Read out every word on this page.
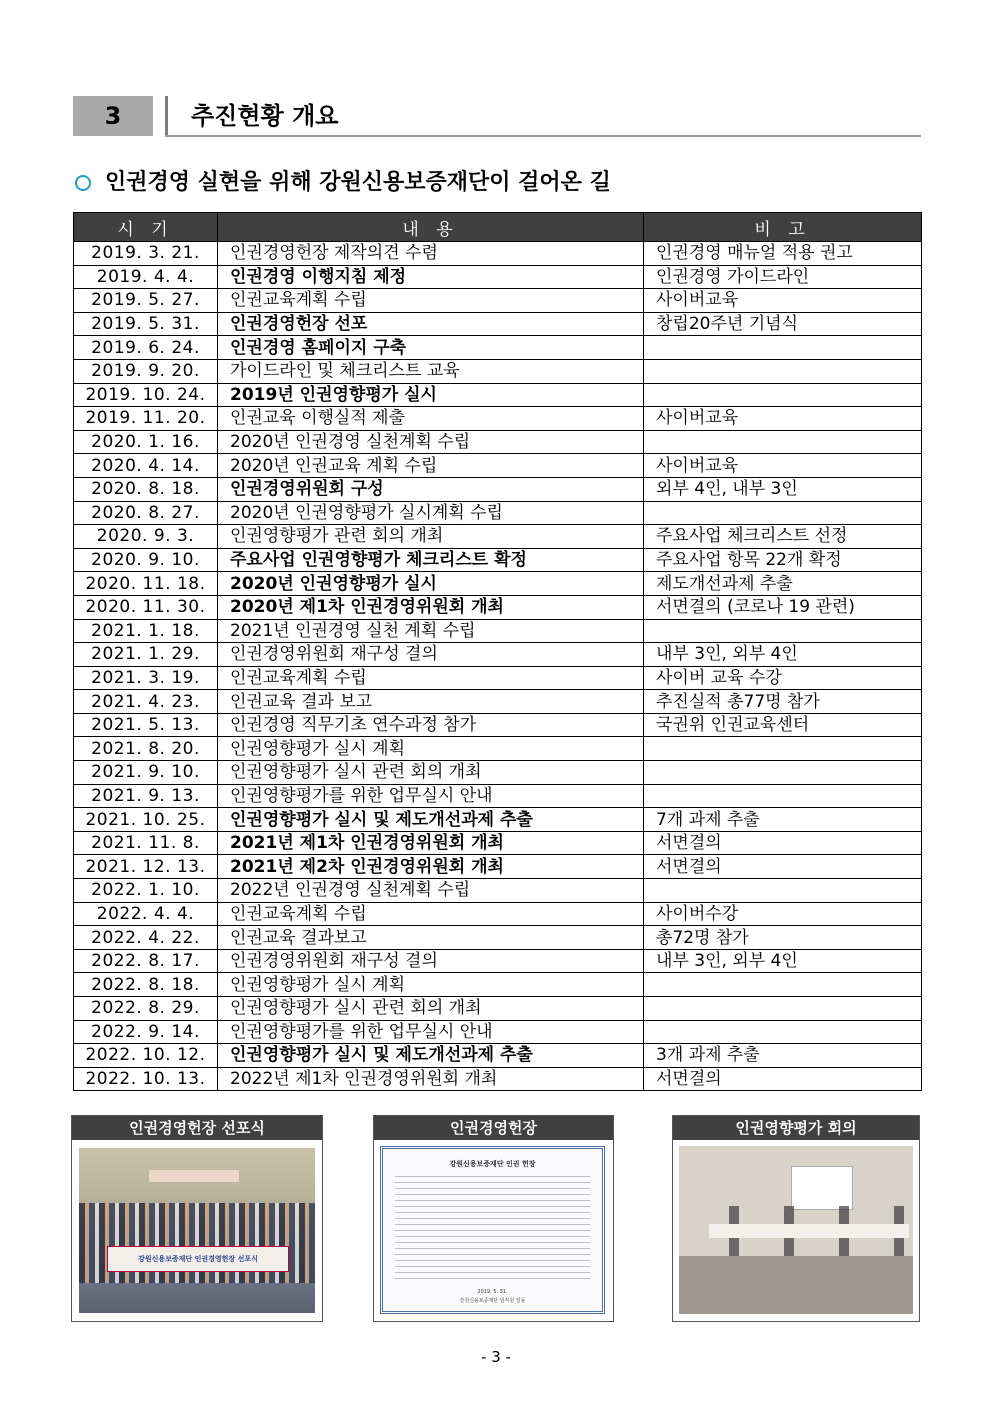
3	추진현황 개요
인권경영 실현을 위해 강원신용보증재단이 걸어온 길
시 기	내 용	비 고
2019. 3. 21.	인권경영헌장 제작의견 수렴	인권경영 매뉴얼 적용 권고
2019. 4. 4.	인권경영 이행지침 제정	인권경영 가이드라인
2019. 5. 27.	인권교육계획 수립	사이버교육
2019. 5. 31.	인권경영헌장 선포	창립20주년 기념식
2019. 6. 24.	인권경영 홈페이지 구축	
2019. 9. 20.	가이드라인 및 체크리스트 교육	
2019. 10. 24.	2019년 인권영향평가 실시	
2019. 11. 20.	인권교육 이행실적 제출	사이버교육
2020. 1. 16.	2020년 인권경영 실천계획 수립	
2020. 4. 14.	2020년 인권교육 계획 수립	사이버교육
2020. 8. 18.	인권경영위원회 구성	외부 4인, 내부 3인
2020. 8. 27.	2020년 인권영향평가 실시계획 수립	
2020. 9. 3.	인권영향평가 관련 회의 개최	주요사업 체크리스트 선정
2020. 9. 10.	주요사업 인권영향평가 체크리스트 확정	주요사업 항목 22개 확정
2020. 11. 18.	2020년 인권영향평가 실시	제도개선과제 추출
2020. 11. 30.	2020년 제1차 인권경영위원회 개최	서면결의 (코로나 19 관련)
2021. 1. 18.	2021년 인권경영 실천 계획 수립	
2021. 1. 29.	인권경영위원회 재구성 결의	내부 3인, 외부 4인
2021. 3. 19.	인권교육계획 수립	사이버 교육 수강
2021. 4. 23.	인권교육 결과 보고	추진실적 총77명 참가
2021. 5. 13.	인권경영 직무기초 연수과정 참가	국권위 인권교육센터
2021. 8. 20.	인권영향평가 실시 계획	
2021. 9. 10.	인권영향평가 실시 관련 회의 개최	
2021. 9. 13.	인권영향평가를 위한 업무실시 안내	
2021. 10. 25.	인권영향평가 실시 및 제도개선과제 추출	7개 과제 추출
2021. 11. 8.	2021년 제1차 인권경영위원회 개최	서면결의
2021. 12. 13.	2021년 제2차 인권경영위원회 개최	서면결의
2022. 1. 10.	2022년 인권경영 실천계획 수립	
2022. 4. 4.	인권교육계획 수립	사이버수강
2022. 4. 22.	인권교육 결과보고	총72명 참가
2022. 8. 17.	인권경영위원회 재구성 결의	내부 3인, 외부 4인
2022. 8. 18.	인권영향평가 실시 계획	
2022. 8. 29.	인권영향평가 실시 관련 회의 개최	
2022. 9. 14.	인권영향평가를 위한 업무실시 안내	
2022. 10. 12.	인권영향평가 실시 및 제도개선과제 추출	3개 과제 추출
2022. 10. 13.	2022년 제1차 인권경영위원회 개최	서면결의
인권경영헌장 선포식
강원신용보증재단 인권경영헌장 선포식
인권경영헌장
강원신용보증재단 인권 헌장
2019. 5. 31.
강원신용보증재단 임직원 일동
인권영향평가 회의
- 3 -
